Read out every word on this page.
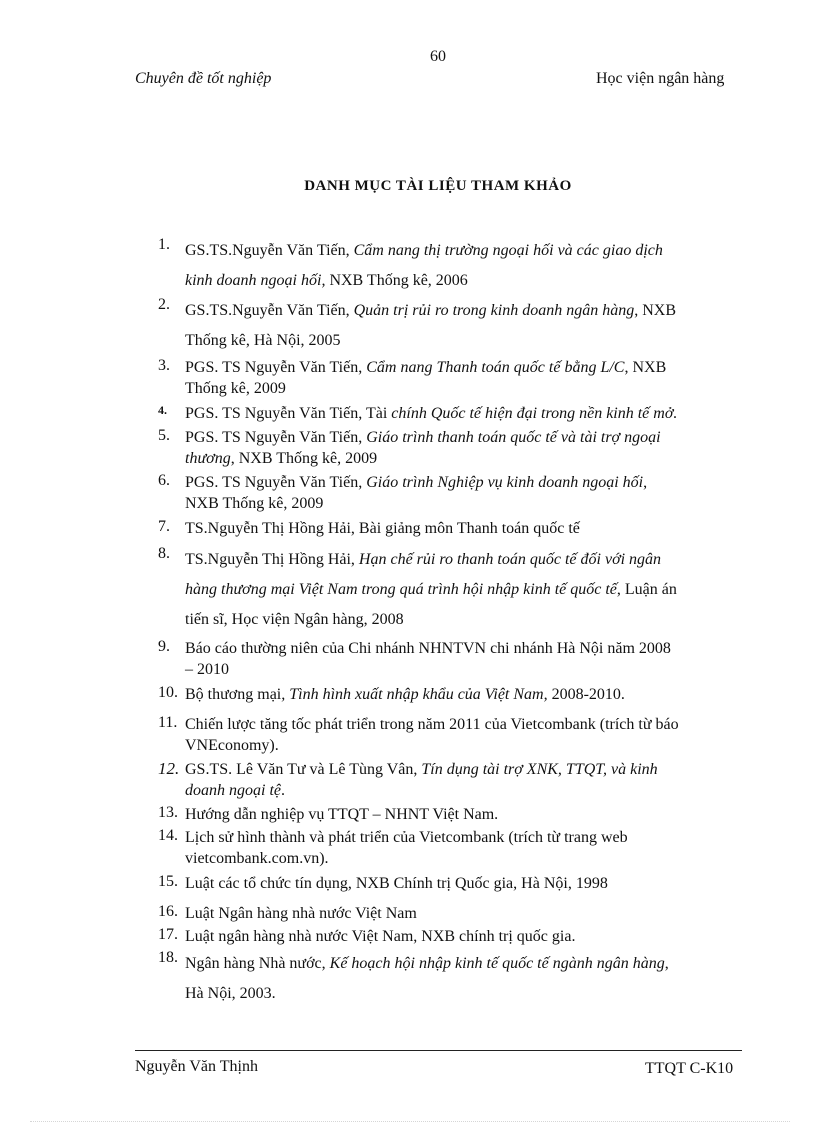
60
Chuyên đề tốt nghiệp	Học viện ngân hàng
DANH MỤC TÀI LIỆU THAM KHẢO
1. GS.TS.Nguyễn Văn Tiến, Cẩm nang thị trường ngoại hối và các giao dịch
kinh doanh ngoại hối, NXB Thống kê, 2006
2. GS.TS.Nguyễn Văn Tiến, Quản trị rủi ro trong kinh doanh ngân hàng, NXB
Thống kê, Hà Nội, 2005
3. PGS. TS Nguyễn Văn Tiến, Cẩm nang Thanh toán quốc tế bằng L/C, NXB
Thống kê, 2009
4.	PGS. TS Nguyễn Văn Tiến, Tài chính Quốc tế hiện đại trong nền kinh tế mở.
5. PGS. TS Nguyễn Văn Tiến, Giáo trình thanh toán quốc tế và tài trợ ngoại
thương, NXB Thống kê, 2009
6. PGS. TS Nguyễn Văn Tiến, Giáo trình Nghiệp vụ kinh doanh ngoại hối,
NXB Thống kê, 2009
7. TS.Nguyễn Thị Hồng Hải, Bài giảng môn Thanh toán quốc tế
8. TS.Nguyễn Thị Hồng Hải, Hạn chế rủi ro thanh toán quốc tế đối với ngân
hàng thương mại Việt Nam trong quá trình hội nhập kinh tế quốc tế, Luận án
tiến sĩ, Học viện Ngân hàng, 2008
9. Báo cáo thường niên của Chi nhánh NHNTVN chi nhánh Hà Nội năm 2008
– 2010
10. Bộ thương mại, Tình hình xuất nhập khẩu của Việt Nam, 2008-2010.
11. Chiến lược tăng tốc phát triển trong năm 2011 của Vietcombank (trích từ báo
VNEconomy).
12. GS.TS. Lê Văn Tư và Lê Tùng Vân, Tín dụng tài trợ XNK, TTQT, và kinh
doanh ngoại tệ.
13. Hướng dẫn nghiệp vụ TTQT – NHNT Việt Nam.
14. Lịch sử hình thành và phát triển của Vietcombank (trích từ trang web
vietcombank.com.vn).
15. Luật các tổ chức tín dụng, NXB Chính trị Quốc gia, Hà Nội, 1998
16. Luật Ngân hàng nhà nước Việt Nam
17. Luật ngân hàng nhà nước Việt Nam, NXB chính trị quốc gia.
18. Ngân hàng Nhà nước, Kế hoạch hội nhập kinh tế quốc tế ngành ngân hàng,
Hà Nội, 2003.
Nguyễn Văn Thịnh	TTQT C-K10
